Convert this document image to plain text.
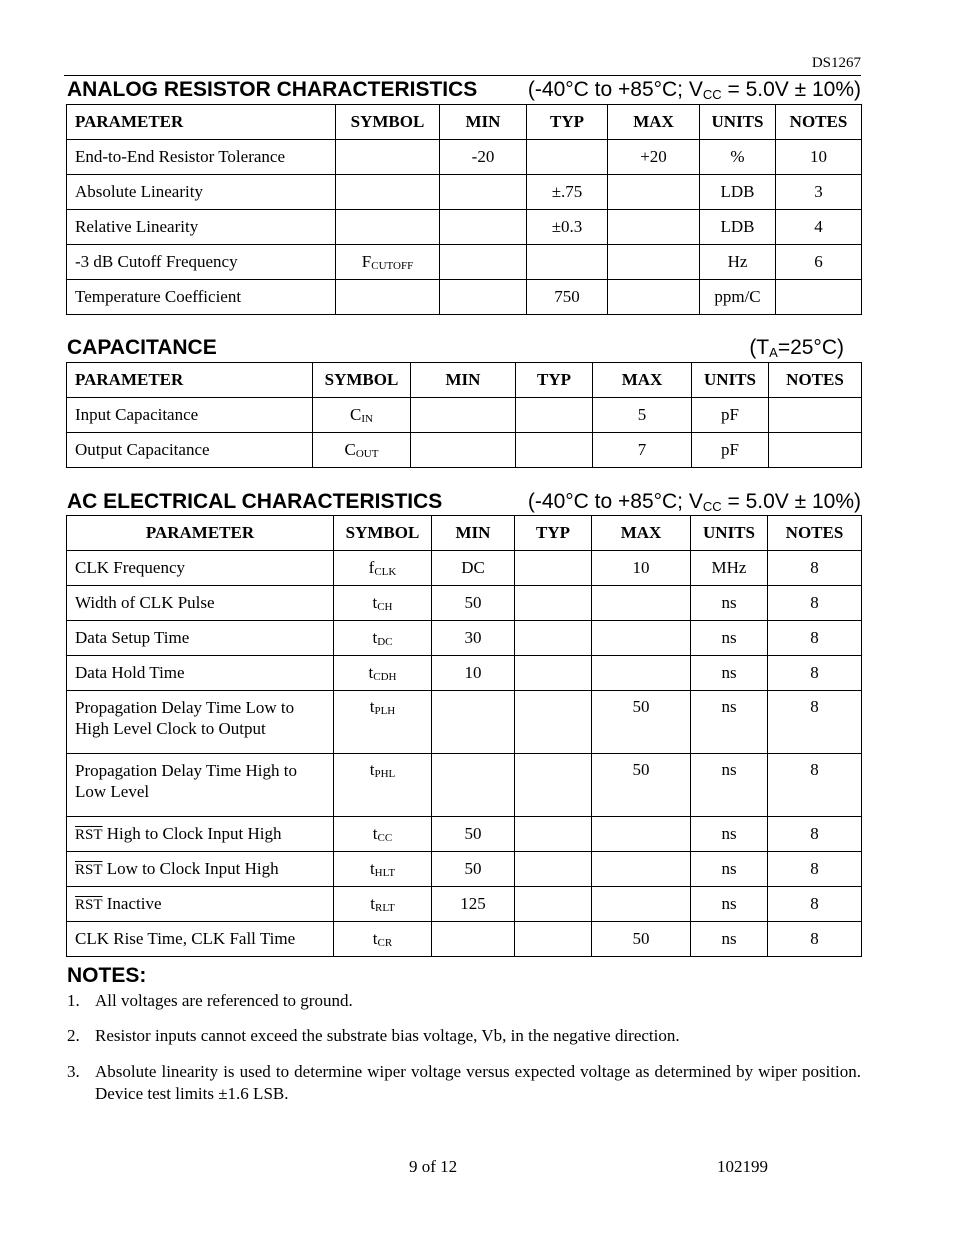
DS1267
ANALOG RESISTOR CHARACTERISTICS (-40°C to +85°C; $V_{CC} = 5.0V \pm 10\%$)
PARAMETER	SYMBOL	MIN	TYP	MAX	UNITS	NOTES
End-to-End Resistor Tolerance		-20		+20	%	10
Absolute Linearity			±.75		LDB	3
Relative Linearity			±0.3		LDB	4
-3 dB Cutoff Frequency	$F_{CUTOFF}$				Hz	6
Temperature Coefficient			750		ppm/C	
CAPACITANCE	$(T_A=25^\circ C)$
PARAMETER	SYMBOL	MIN	TYP	MAX	UNITS	NOTES
Input Capacitance	$C_{IN}$			5	pF	
Output Capacitance	$C_{OUT}$			7	pF	
AC ELECTRICAL CHARACTERISTICS	(-40°C to +85°C; $V_{CC} = 5.0V \pm 10\%$)
PARAMETER	SYMBOL	MIN	TYP	MAX	UNITS	NOTES
CLK Frequency	$f_{CLK}$	DC		10	MHz	8
Width of CLK Pulse	$t_{CH}$	50			ns	8
Data Setup Time	$t_{DC}$	30			ns	8
Data Hold Time	$t_{CDH}$	10			ns	8
Propagation Delay Time Low to High Level Clock to Output	$t_{PLH}$			50	ns	8
Propagation Delay Time High to Low Level	$t_{PHL}$			50	ns	8
$\overline{RST}$ High to Clock Input High	$t_{CC}$	50			ns	8
$\overline{RST}$ Low to Clock Input High	$t_{HLT}$	50			ns	8
$\overline{RST}$ Inactive	$t_{RLT}$	125			ns	8
CLK Rise Time, CLK Fall Time	$t_{CR}$			50	ns	8
NOTES:
1. All voltages are referenced to ground.
2. Resistor inputs cannot exceed the substrate bias voltage, Vb, in the negative direction.
3. Absolute linearity is used to determine wiper voltage versus expected voltage as determined by wiper position. Device test limits ±1.6 LSB.
9 of 12	102199
